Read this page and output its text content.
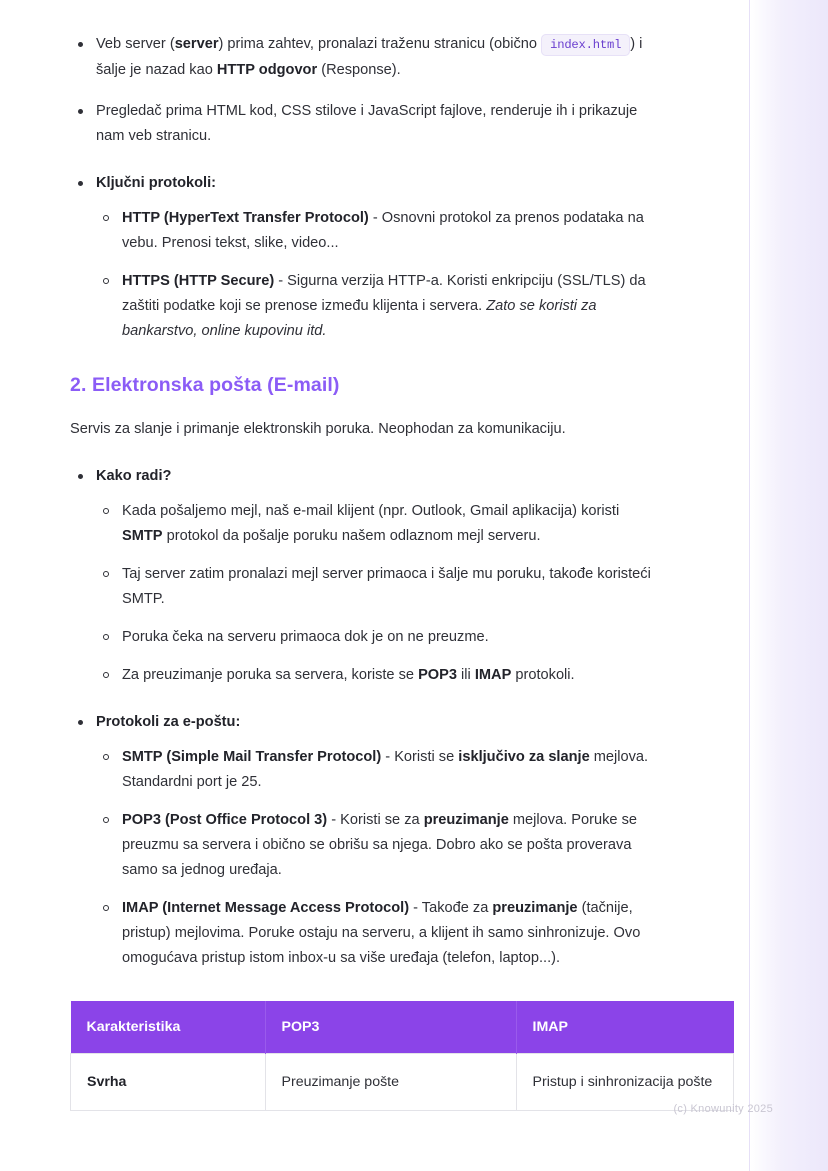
Veb server (server) prima zahtev, pronalazi traženu stranicu (obično index.html ) i šalje je nazad kao HTTP odgovor (Response).
Pregledač prima HTML kod, CSS stilove i JavaScript fajlove, renderuje ih i prikazuje nam veb stranicu.
Ključni protokoli:
HTTP (HyperText Transfer Protocol) - Osnovni protokol za prenos podataka na vebu. Prenosi tekst, slike, video...
HTTPS (HTTP Secure) - Sigurna verzija HTTP-a. Koristi enkripciju (SSL/TLS) da zaštiti podatke koji se prenose između klijenta i servera. Zato se koristi za bankarstvo, online kupovinu itd.
2. Elektronska pošta (E-mail)

Servis za slanje i primanje elektronskih poruka. Neophodan za komunikaciju.

Kako radi?
Kada pošaljemo mejl, naš e-mail klijent (npr. Outlook, Gmail aplikacija) koristi SMTP protokol da pošalje poruku našem odlaznom mejl serveru.
Taj server zatim pronalazi mejl server primaoca i šalje mu poruku, takođe koristeći SMTP.
Poruka čeka na serveru primaoca dok je on ne preuzme.
Za preuzimanje poruka sa servera, koriste se POP3 ili IMAP protokoli.
Protokoli za e-poštu:
SMTP (Simple Mail Transfer Protocol) - Koristi se isključivo za slanje mejlova. Standardni port je 25.
POP3 (Post Office Protocol 3) - Koristi se za preuzimanje mejlova. Poruke se preuzmu sa servera i obično se obrišu sa njega. Dobro ako se pošta proverava samo sa jednog uređaja.
IMAP (Internet Message Access Protocol) - Takođe za preuzimanje (tačnije, pristup) mejlovima. Poruke ostaju na serveru, a klijent ih samo sinhronizuje. Ovo omogućava pristup istom inbox-u sa više uređaja (telefon, laptop...).
Karakteristika	POP3	IMAP
Svrha	Preuzimanje pošte	Pristup i sinhronizacija pošte
(c) Knowunity 2025
